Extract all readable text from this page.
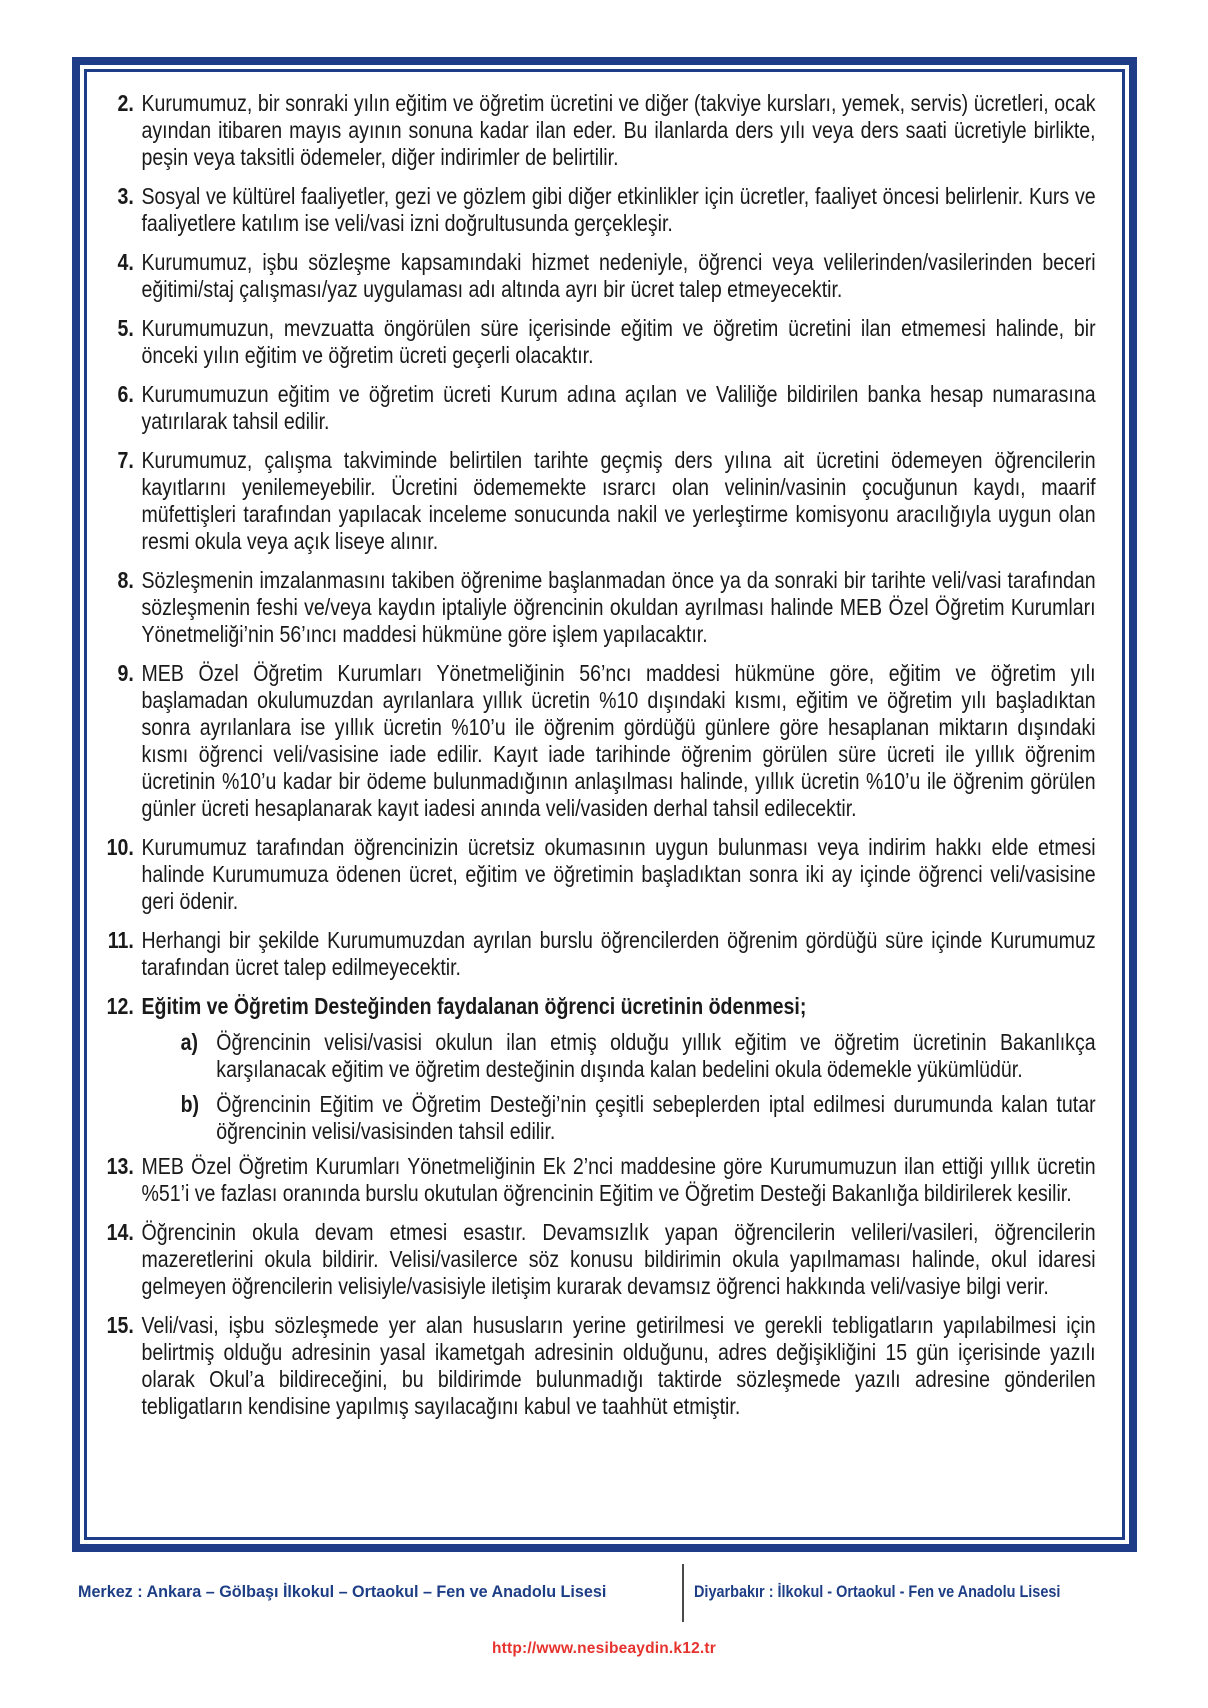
2. Kurumumuz, bir sonraki yılın eğitim ve öğretim ücretini ve diğer (takviye kursları, yemek, servis) ücretleri, ocak ayından itibaren mayıs ayının sonuna kadar ilan eder. Bu ilanlarda ders yılı veya ders saati ücretiyle birlikte, peşin veya taksitli ödemeler, diğer indirimler de belirtilir.
3. Sosyal ve kültürel faaliyetler, gezi ve gözlem gibi diğer etkinlikler için ücretler, faaliyet öncesi belirlenir. Kurs ve faaliyetlere katılım ise veli/vasi izni doğrultusunda gerçekleşir.
4. Kurumumuz, işbu sözleşme kapsamındaki hizmet nedeniyle, öğrenci veya velilerinden/vasilerinden beceri eğitimi/staj çalışması/yaz uygulaması adı altında ayrı bir ücret talep etmeyecektir.
5. Kurumumuzun, mevzuatta öngörülen süre içerisinde eğitim ve öğretim ücretini ilan etmemesi halinde, bir önceki yılın eğitim ve öğretim ücreti geçerli olacaktır.
6. Kurumumuzun eğitim ve öğretim ücreti Kurum adına açılan ve Valiliğe bildirilen banka hesap numarasına yatırılarak tahsil edilir.
7. Kurumumuz, çalışma takviminde belirtilen tarihte geçmiş ders yılına ait ücretini ödemeyen öğrencilerin kayıtlarını yenilemeyebilir. Ücretini ödememekte ısrarcı olan velinin/vasinin çocuğunun kaydı, maarif müfettişleri tarafından yapılacak inceleme sonucunda nakil ve yerleştirme komisyonu aracılığıyla uygun olan resmi okula veya açık liseye alınır.
8. Sözleşmenin imzalanmasını takiben öğrenime başlanmadan önce ya da sonraki bir tarihte veli/vasi tarafından sözleşmenin feshi ve/veya kaydın iptaliyle öğrencinin okuldan ayrılması halinde MEB Özel Öğretim Kurumları Yönetmeliği’nin 56’ıncı maddesi hükmüne göre işlem yapılacaktır.
9. MEB Özel Öğretim Kurumları Yönetmeliğinin 56’ncı maddesi hükmüne göre, eğitim ve öğretim yılı başlamadan okulumuzdan ayrılanlara yıllık ücretin %10 dışındaki kısmı, eğitim ve öğretim yılı başladıktan sonra ayrılanlara ise yıllık ücretin %10’u ile öğrenim gördüğü günlere göre hesaplanan miktarın dışındaki kısmı öğrenci veli/vasisine iade edilir. Kayıt iade tarihinde öğrenim görülen süre ücreti ile yıllık öğrenim ücretinin %10’u kadar bir ödeme bulunmadığının anlaşılması halinde, yıllık ücretin %10’u ile öğrenim görülen günler ücreti hesaplanarak kayıt iadesi anında veli/vasiden derhal tahsil edilecektir.
10. Kurumumuz tarafından öğrencinizin ücretsiz okumasının uygun bulunması veya indirim hakkı elde etmesi halinde Kurumumuza ödenen ücret, eğitim ve öğretimin başladıktan sonra iki ay içinde öğrenci veli/vasisine geri ödenir.
11. Herhangi bir şekilde Kurumumuzdan ayrılan burslu öğrencilerden öğrenim gördüğü süre içinde Kurumumuz tarafından ücret talep edilmeyecektir.
12. Eğitim ve Öğretim Desteğinden faydalanan öğrenci ücretinin ödenmesi;
a) Öğrencinin velisi/vasisi okulun ilan etmiş olduğu yıllık eğitim ve öğretim ücretinin Bakanlıkça karşılanacak eğitim ve öğretim desteğinin dışında kalan bedelini okula ödemekle yükümlüdür.
b) Öğrencinin Eğitim ve Öğretim Desteği’nin çeşitli sebeplerden iptal edilmesi durumunda kalan tutar öğrencinin velisi/vasisinden tahsil edilir.
13. MEB Özel Öğretim Kurumları Yönetmeliğinin Ek 2’nci maddesine göre Kurumumuzun ilan ettiği yıllık ücretin %51’i ve fazlası oranında burslu okutulan öğrencinin Eğitim ve Öğretim Desteği Bakanlığa bildirilerek kesilir.
14. Öğrencinin okula devam etmesi esastır. Devamsızlık yapan öğrencilerin velileri/vasileri, öğrencilerin mazeretlerini okula bildirir. Velisi/vasilerce söz konusu bildirimin okula yapılmaması halinde, okul idaresi gelmeyen öğrencilerin velisiyle/vasisiyle iletişim kurarak devamsız öğrenci hakkında veli/vasiye bilgi verir.
15. Veli/vasi, işbu sözleşmede yer alan hususların yerine getirilmesi ve gerekli tebligatların yapılabilmesi için belirtmiş olduğu adresinin yasal ikametgah adresinin olduğunu, adres değişikliğini 15 gün içerisinde yazılı olarak Okul’a bildireceğini, bu bildirimde bulunmadığı taktirde sözleşmede yazılı adresine gönderilen tebligatların kendisine yapılmış sayılacağını kabul ve taahhüt etmiştir.
Merkez : Ankara – Gölbaşı İlkokul – Ortaokul – Fen ve Anadolu Lisesi	Diyarbakır : İlkokul - Ortaokul - Fen ve Anadolu Lisesi
http://www.nesibeaydin.k12.tr
